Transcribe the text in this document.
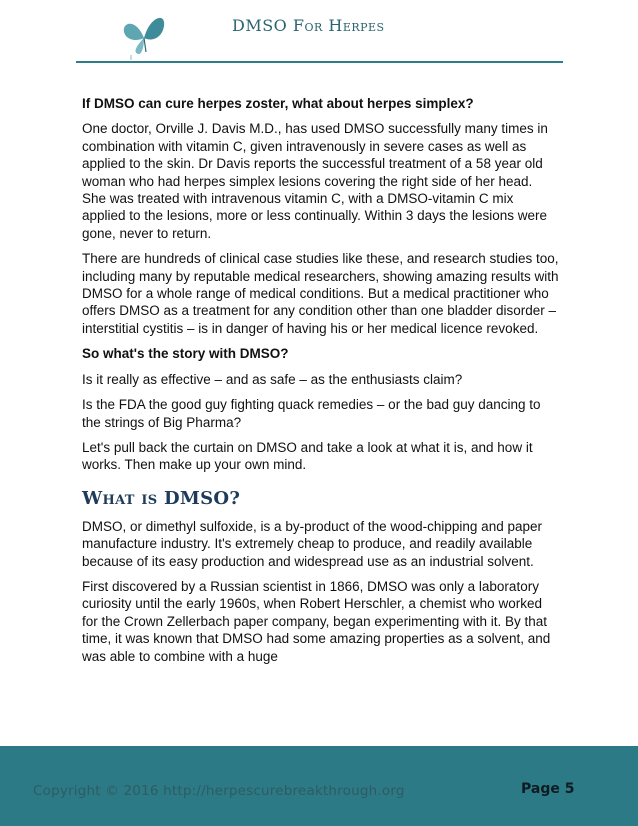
DMSO For Herpes

If DMSO can cure herpes zoster, what about herpes simplex?

One doctor, Orville J. Davis M.D., has used DMSO successfully many times in combination with vitamin C, given intravenously in severe cases as well as applied to the skin. Dr Davis reports the successful treatment of a 58 year old woman who had herpes simplex lesions covering the right side of her head. She was treated with intravenous vitamin C, with a DMSO-vitamin C mix applied to the lesions, more or less continually. Within 3 days the lesions were gone, never to return.

There are hundreds of clinical case studies like these, and research studies too, including many by reputable medical researchers, showing amazing results with DMSO for a whole range of medical conditions. But a medical practitioner who offers DMSO as a treatment for any condition other than one bladder disorder – interstitial cystitis – is in danger of having his or her medical licence revoked.

So what's the story with DMSO?

Is it really as effective – and as safe – as the enthusiasts claim?

Is the FDA the good guy fighting quack remedies – or the bad guy dancing to the strings of Big Pharma?

Let's pull back the curtain on DMSO and take a look at what it is, and how it works. Then make up your own mind.

What is DMSO?

DMSO, or dimethyl sulfoxide, is a by-product of the wood-chipping and paper manufacture industry. It's extremely cheap to produce, and readily available because of its easy production and widespread use as an industrial solvent.

First discovered by a Russian scientist in 1866, DMSO was only a laboratory curiosity until the early 1960s, when Robert Herschler, a chemist who worked for the Crown Zellerbach paper company, began experimenting with it. By that time, it was known that DMSO had some amazing properties as a solvent, and was able to combine with a huge

Copyright © 2016 http://herpescurebreakthrough.org	Page 5
